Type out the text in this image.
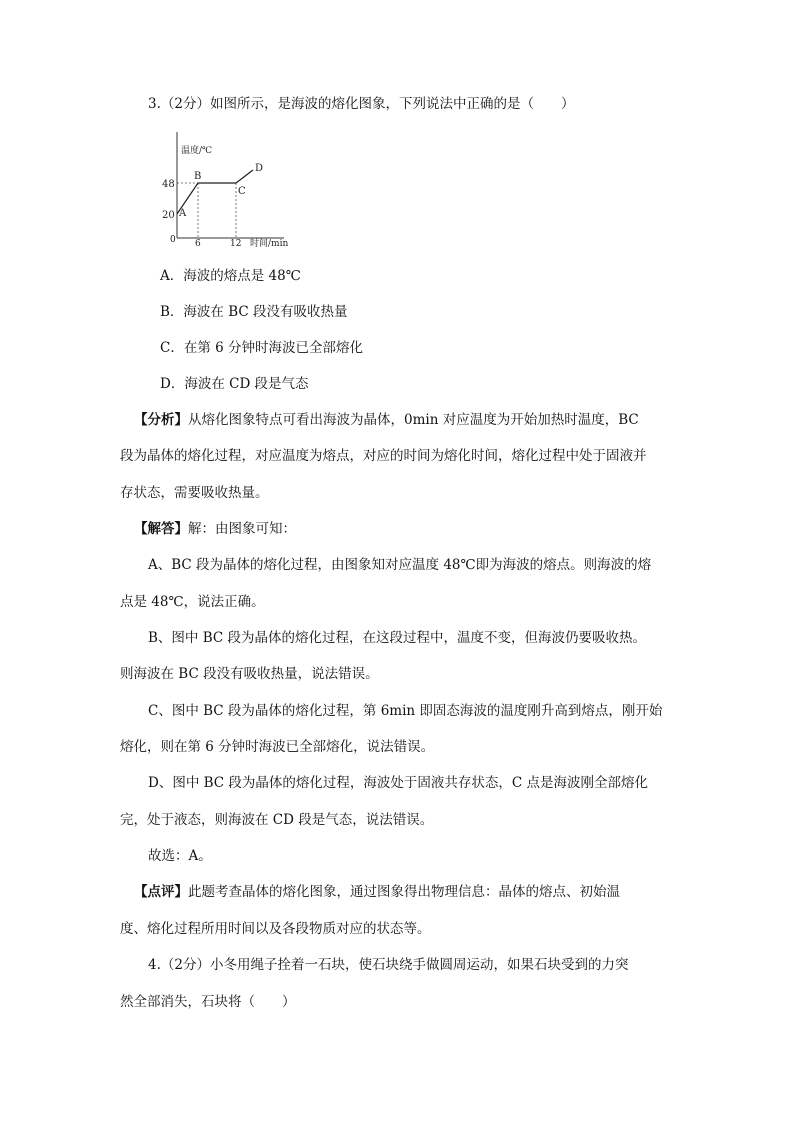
3.（2分）如图所示，是海波的熔化图象，下列说法中正确的是（　　）
温度/℃
时间/min
0
48
20
6	12
A
B
C
D
A．海波的熔点是 48℃
B．海波在 BC 段没有吸收热量
C．在第 6 分钟时海波已全部熔化
D．海波在 CD 段是气态
【分析】从熔化图象特点可看出海波为晶体，0min 对应温度为开始加热时温度，BC
段为晶体的熔化过程，对应温度为熔点，对应的时间为熔化时间，熔化过程中处于固液并
存状态，需要吸收热量。
【解答】解：由图象可知：
A、BC 段为晶体的熔化过程，由图象知对应温度 48℃即为海波的熔点。则海波的熔
点是 48℃，说法正确。
B、图中 BC 段为晶体的熔化过程，在这段过程中，温度不变，但海波仍要吸收热。
则海波在 BC 段没有吸收热量，说法错误。
C、图中 BC 段为晶体的熔化过程，第 6min 即固态海波的温度刚升高到熔点，刚开始
熔化，则在第 6 分钟时海波已全部熔化，说法错误。
D、图中 BC 段为晶体的熔化过程，海波处于固液共存状态，C 点是海波刚全部熔化
完，处于液态，则海波在 CD 段是气态，说法错误。
故选：A。
【点评】此题考查晶体的熔化图象，通过图象得出物理信息：晶体的熔点、初始温
度、熔化过程所用时间以及各段物质对应的状态等。
4.（2分）小冬用绳子拴着一石块，使石块绕手做圆周运动，如果石块受到的力突
然全部消失，石块将（　　）
